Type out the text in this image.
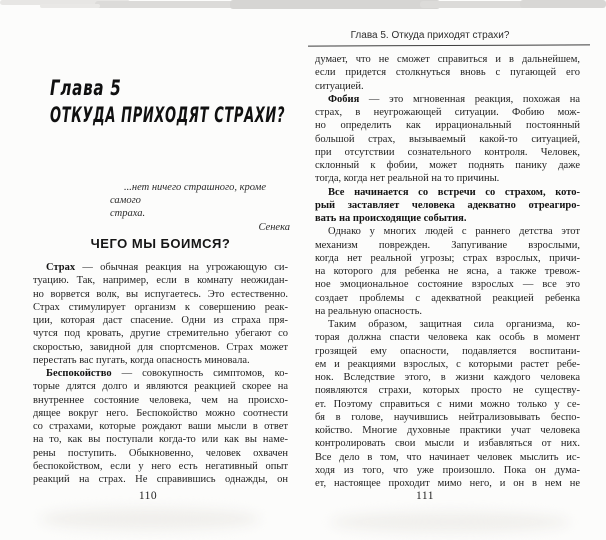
Глава 5
ОТКУДА ПРИХОДЯТ СТРАХИ?
...нет ничего страшного, кроме самого
страха.
Сенека
ЧЕГО МЫ БОИМСЯ?
Страх — обычная реакция на угрожающую си-
туацию. Так, например, если в комнату неожидан-
но ворвется волк, вы испугаетесь. Это естественно.
Страх стимулирует организм к совершению реак-
ции, которая даст спасение. Одни из страха пря-
чутся под кровать, другие стремительно убегают со
скоростью, завидной для спортсменов. Страх может
перестать вас пугать, когда опасность миновала.
Беспокойство — совокупность симптомов, ко-
торые длятся долго и являются реакцией скорее на
внутреннее состояние человека, чем на происхо-
дящее вокруг него. Беспокойство можно соотнести
со страхами, которые рождают ваши мысли в ответ
на то, как вы поступали когда-то или как вы наме-
рены поступить. Обыкновенно, человек охвачен
беспокойством, если у него есть негативный опыт
реакций на страх. Не справившись однажды, он
110
Глава 5. Откуда приходят страхи?
думает, что не сможет справиться и в дальнейшем,
если придется столкнуться вновь с пугающей его
ситуацией.
Фобия — это мгновенная реакция, похожая на
страх, в неугрожающей ситуации. Фобию мож-
но определить как иррациональный постоянный
большой страх, вызываемый какой-то ситуацией,
при отсутствии сознательного контроля. Человек,
склонный к фобии, может поднять панику даже
тогда, когда нет реальной на то причины.
Все начинается со встречи со страхом, кото-
рый заставляет человека адекватно отреагиро-
вать на происходящие события.
Однако у многих людей с раннего детства этот
механизм поврежден. Запугивание взрослыми,
когда нет реальной угрозы; страх взрослых, причи-
на которого для ребенка не ясна, а также тревож-
ное эмоциональное состояние взрослых — все это
создает проблемы с адекватной реакцией ребенка
на реальную опасность.
Таким образом, защитная сила организма, ко-
торая должна спасти человека как особь в момент
грозящей ему опасности, подавляется воспитани-
ем и реакциями взрослых, с которыми растет ребе-
нок. Вследствие этого, в жизни каждого человека
появляются страхи, которых просто не существу-
ет. Поэтому справиться с ними можно только у се-
бя в голове, научившись нейтрализовывать беспо-
койство. Многие духовные практики учат человека
контролировать свои мысли и избавляться от них.
Все дело в том, что начинает человек мыслить ис-
ходя из того, что уже произошло. Пока он дума-
ет, настоящее проходит мимо него, и он в нем не
111
